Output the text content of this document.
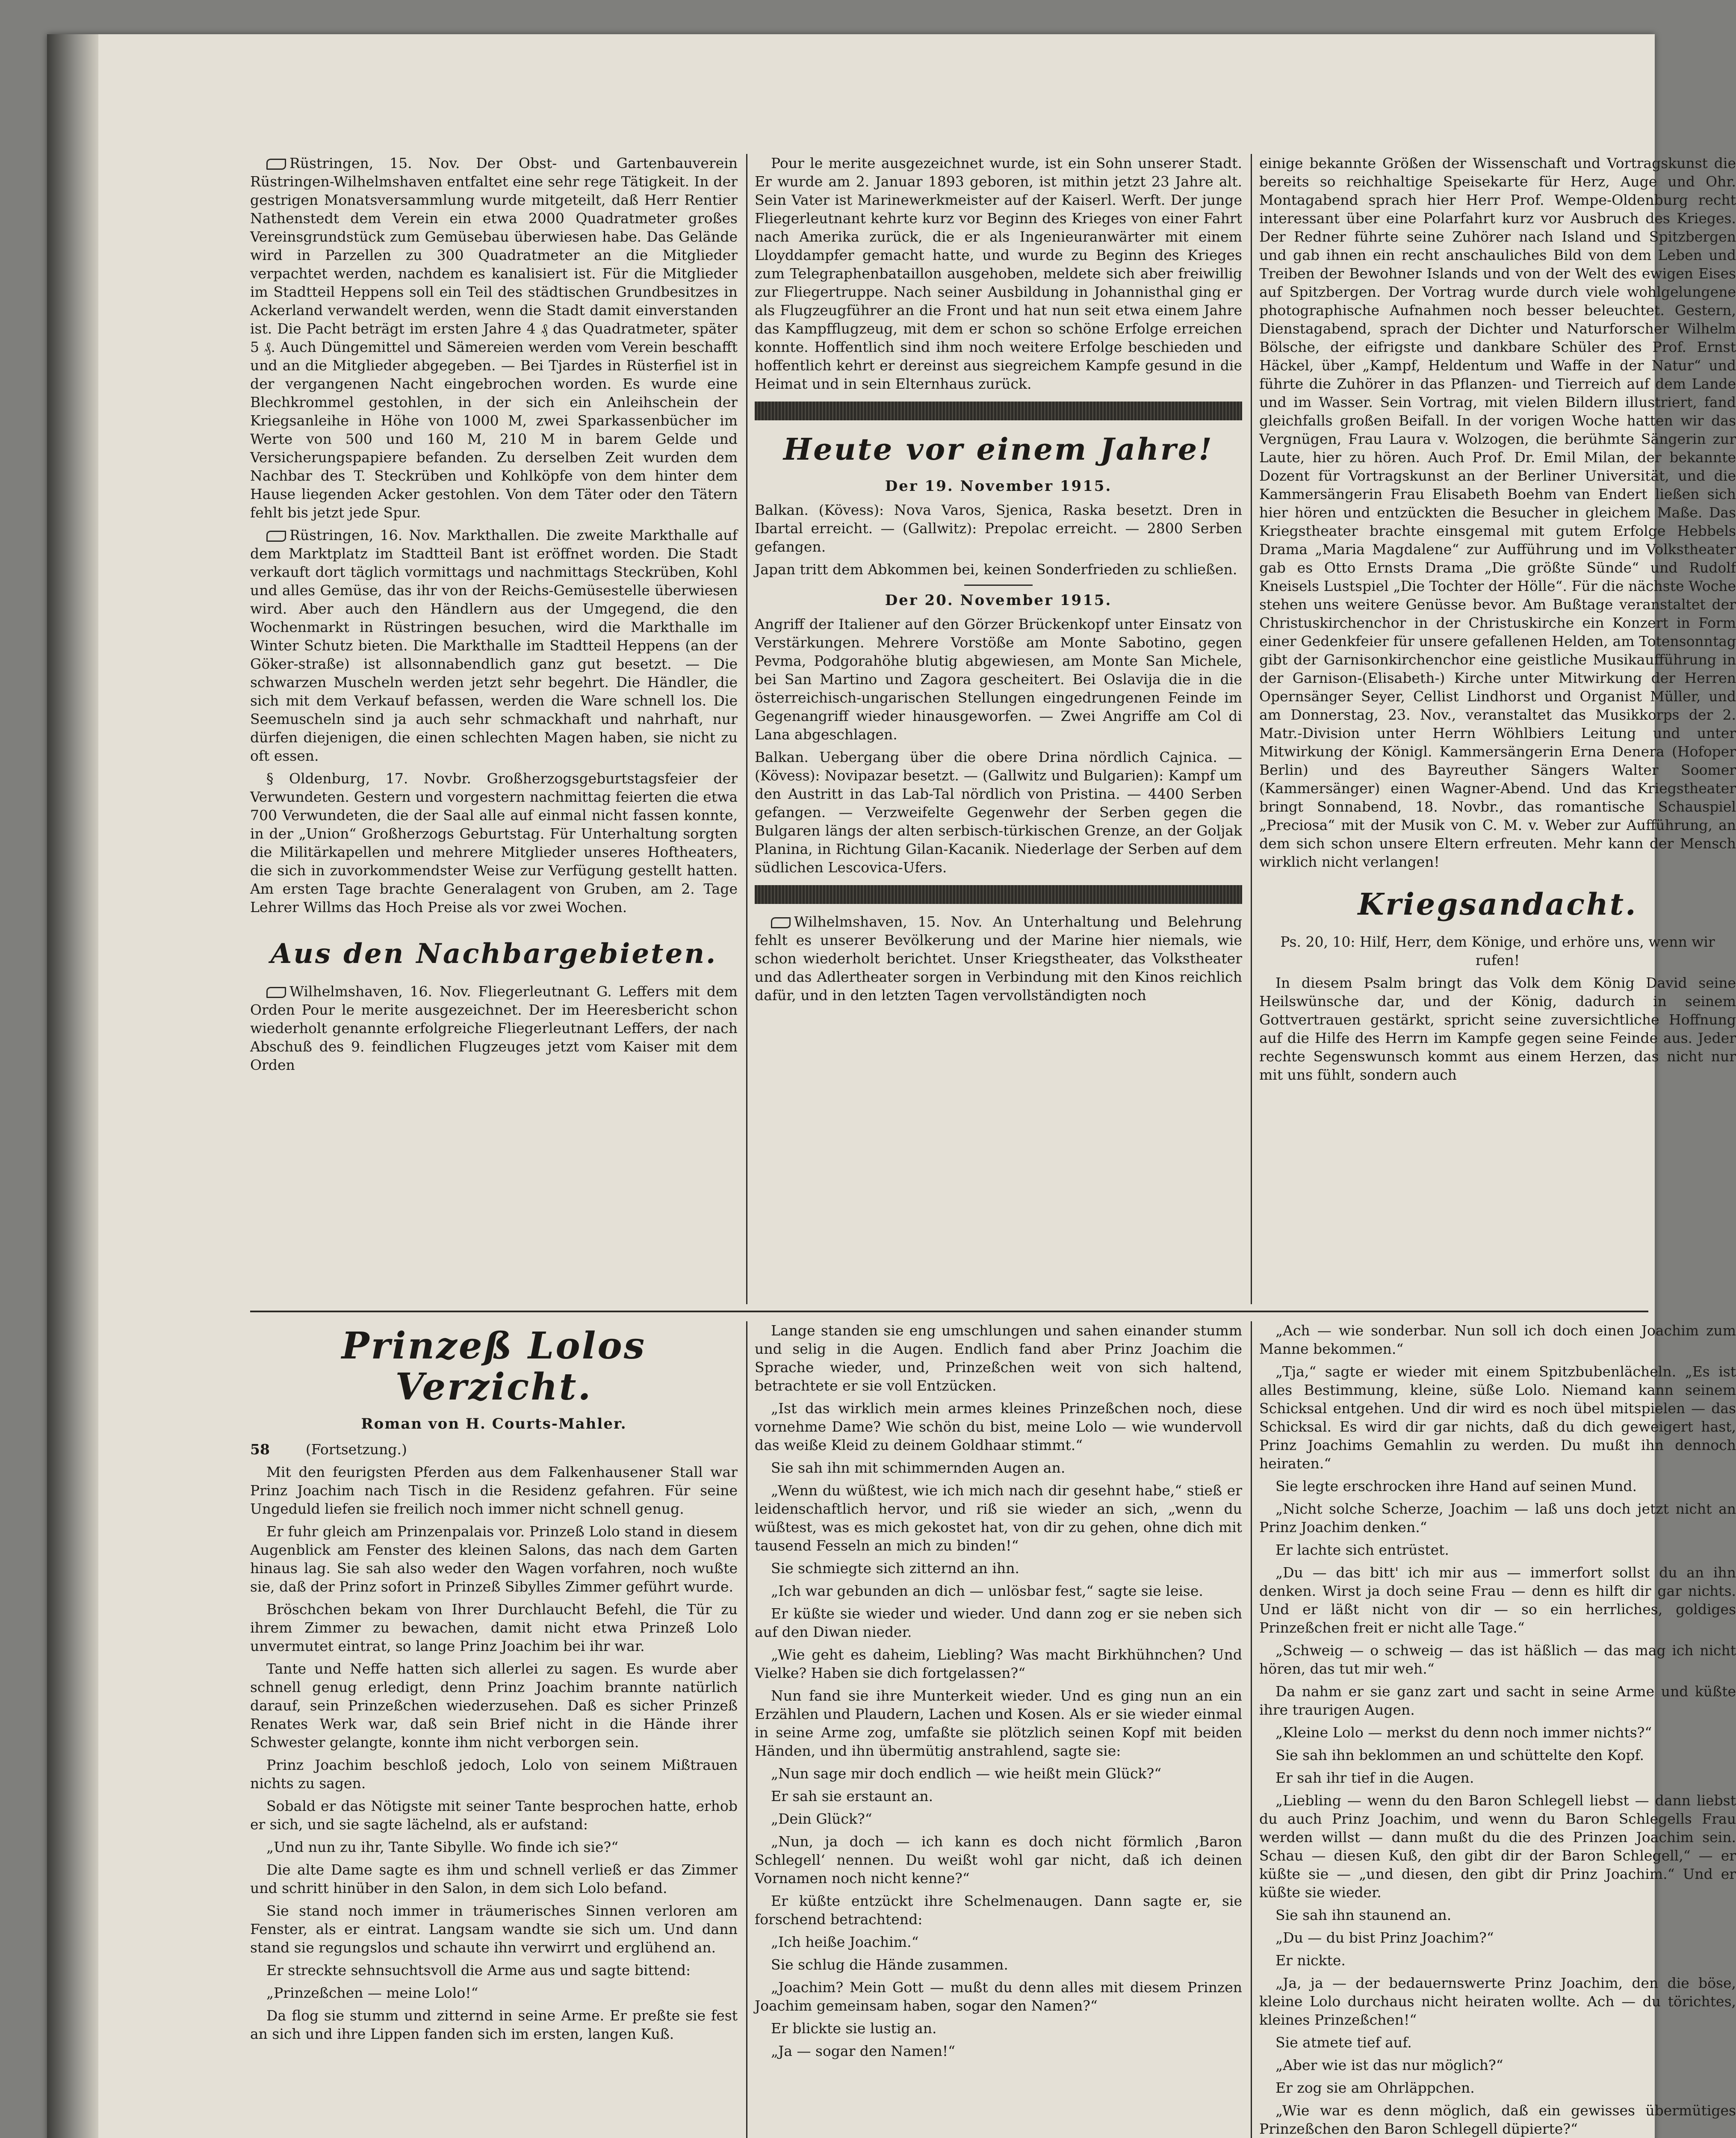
Rüstringen, 15. Nov. Der Obst- und Gartenbauverein Rüstringen-Wilhelmshaven entfaltet eine sehr rege Tätigkeit. In der gestrigen Monatsversammlung wurde mitgeteilt, daß Herr Rentier Nathenstedt dem Verein ein etwa 2000 Quadratmeter großes Vereinsgrundstück zum Gemüsebau überwiesen habe. Das Gelände wird in Parzellen zu 300 Quadratmeter an die Mitglieder verpachtet werden, nachdem es kanalisiert ist. Für die Mitglieder im Stadtteil Heppens soll ein Teil des städtischen Grundbesitzes in Ackerland verwandelt werden, wenn die Stadt damit einverstanden ist. Die Pacht beträgt im ersten Jahre 4 ₰ das Quadratmeter, später 5 ₰. Auch Düngemittel und Sämereien werden vom Verein beschafft und an die Mitglieder abgegeben. — Bei Tjardes in Rüsterfiel ist in der vergangenen Nacht eingebrochen worden. Es wurde eine Blechkrommel gestohlen, in der sich ein Anleihschein der Kriegsanleihe in Höhe von 1000 M, zwei Sparkassenbücher im Werte von 500 und 160 M, 210 M in barem Gelde und Versicherungspapiere befanden. Zu derselben Zeit wurden dem Nachbar des T. Steckrüben und Kohlköpfe von dem hinter dem Hause liegenden Acker gestohlen. Von dem Täter oder den Tätern fehlt bis jetzt jede Spur.

Rüstringen, 16. Nov. Markthallen. Die zweite Markthalle auf dem Marktplatz im Stadtteil Bant ist eröffnet worden. Die Stadt verkauft dort täglich vormittags und nachmittags Steckrüben, Kohl und alles Gemüse, das ihr von der Reichs-Gemüsestelle überwiesen wird. Aber auch den Händlern aus der Umgegend, die den Wochenmarkt in Rüstringen besuchen, wird die Markthalle im Winter Schutz bieten. Die Markthalle im Stadtteil Heppens (an der Göker-straße) ist allsonnabendlich ganz gut besetzt. — Die schwarzen Muscheln werden jetzt sehr begehrt. Die Händler, die sich mit dem Verkauf befassen, werden die Ware schnell los. Die Seemuscheln sind ja auch sehr schmackhaft und nahrhaft, nur dürfen diejenigen, die einen schlechten Magen haben, sie nicht zu oft essen.

§ Oldenburg, 17. Novbr. Großherzogsgeburtstagsfeier der Verwundeten. Gestern und vorgestern nachmittag feierten die etwa 700 Verwundeten, die der Saal alle auf einmal nicht fassen konnte, in der „Union“ Großherzogs Geburtstag. Für Unterhaltung sorgten die Militärkapellen und mehrere Mitglieder unseres Hoftheaters, die sich in zuvorkommendster Weise zur Verfügung gestellt hatten. Am ersten Tage brachte Generalagent von Gruben, am 2. Tage Lehrer Willms das Hoch Preise als vor zwei Wochen.

Aus den Nachbargebieten.

Wilhelmshaven, 16. Nov. Fliegerleutnant G. Leffers mit dem Orden Pour le merite ausgezeichnet. Der im Heeresbericht schon wiederholt genannte erfolgreiche Fliegerleutnant Leffers, der nach Abschuß des 9. feindlichen Flugzeuges jetzt vom Kaiser mit dem Orden

Pour le merite ausgezeichnet wurde, ist ein Sohn unserer Stadt. Er wurde am 2. Januar 1893 geboren, ist mithin jetzt 23 Jahre alt. Sein Vater ist Marinewerkmeister auf der Kaiserl. Werft. Der junge Fliegerleutnant kehrte kurz vor Beginn des Krieges von einer Fahrt nach Amerika zurück, die er als Ingenieuranwärter mit einem Lloyddampfer gemacht hatte, und wurde zu Beginn des Krieges zum Telegraphenbataillon ausgehoben, meldete sich aber freiwillig zur Fliegertruppe. Nach seiner Ausbildung in Johannisthal ging er als Flugzeugführer an die Front und hat nun seit etwa einem Jahre das Kampfflugzeug, mit dem er schon so schöne Erfolge erreichen konnte. Hoffentlich sind ihm noch weitere Erfolge beschieden und hoffentlich kehrt er dereinst aus siegreichem Kampfe gesund in die Heimat und in sein Elternhaus zurück.

Heute vor einem Jahre!
Der 19. November 1915.

Balkan. (Kövess): Nova Varos, Sjenica, Raska besetzt. Dren in Ibartal erreicht. — (Gallwitz): Prepolac erreicht. — 2800 Serben gefangen.

Japan tritt dem Abkommen bei, keinen Sonderfrieden zu schließen.

Der 20. November 1915.

Angriff der Italiener auf den Görzer Brückenkopf unter Einsatz von Verstärkungen. Mehrere Vorstöße am Monte Sabotino, gegen Pevma, Podgorahöhe blutig abgewiesen, am Monte San Michele, bei San Martino und Zagora gescheitert. Bei Oslavija die in die österreichisch-ungarischen Stellungen eingedrungenen Feinde im Gegenangriff wieder hinausgeworfen. — Zwei Angriffe am Col di Lana abgeschlagen.

Balkan. Uebergang über die obere Drina nördlich Cajnica. — (Kövess): Novipazar besetzt. — (Gallwitz und Bulgarien): Kampf um den Austritt in das Lab-Tal nördlich von Pristina. — 4400 Serben gefangen. — Verzweifelte Gegenwehr der Serben gegen die Bulgaren längs der alten serbisch-türkischen Grenze, an der Goljak Planina, in Richtung Gilan-Kacanik. Niederlage der Serben auf dem südlichen Lescovica-Ufers.

Wilhelmshaven, 15. Nov. An Unterhaltung und Belehrung fehlt es unserer Bevölkerung und der Marine hier niemals, wie schon wiederholt berichtet. Unser Kriegstheater, das Volkstheater und das Adlertheater sorgen in Verbindung mit den Kinos reichlich dafür, und in den letzten Tagen vervollständigten noch

einige bekannte Größen der Wissenschaft und Vortragskunst die bereits so reichhaltige Speisekarte für Herz, Auge und Ohr. Montagabend sprach hier Herr Prof. Wempe-Oldenburg recht interessant über eine Polarfahrt kurz vor Ausbruch des Krieges. Der Redner führte seine Zuhörer nach Island und Spitzbergen und gab ihnen ein recht anschauliches Bild von dem Leben und Treiben der Bewohner Islands und von der Welt des ewigen Eises auf Spitzbergen. Der Vortrag wurde durch viele wohlgelungene photographische Aufnahmen noch besser beleuchtet. Gestern, Dienstagabend, sprach der Dichter und Naturforscher Wilhelm Bölsche, der eifrigste und dankbare Schüler des Prof. Ernst Häckel, über „Kampf, Heldentum und Waffe in der Natur“ und führte die Zuhörer in das Pflanzen- und Tierreich auf dem Lande und im Wasser. Sein Vortrag, mit vielen Bildern illustriert, fand gleichfalls großen Beifall. In der vorigen Woche hatten wir das Vergnügen, Frau Laura v. Wolzogen, die berühmte Sängerin zur Laute, hier zu hören. Auch Prof. Dr. Emil Milan, der bekannte Dozent für Vortragskunst an der Berliner Universität, und die Kammersängerin Frau Elisabeth Boehm van Endert ließen sich hier hören und entzückten die Besucher in gleichem Maße. Das Kriegstheater brachte einsgemal mit gutem Erfolge Hebbels Drama „Maria Magdalene“ zur Aufführung und im Volkstheater gab es Otto Ernsts Drama „Die größte Sünde“ und Rudolf Kneisels Lustspiel „Die Tochter der Hölle“. Für die nächste Woche stehen uns weitere Genüsse bevor. Am Bußtage veranstaltet der Christuskirchenchor in der Christuskirche ein Konzert in Form einer Gedenkfeier für unsere gefallenen Helden, am Totensonntag gibt der Garnisonkirchenchor eine geistliche Musikaufführung in der Garnison-(Elisabeth-) Kirche unter Mitwirkung der Herren Opernsänger Seyer, Cellist Lindhorst und Organist Müller, und am Donnerstag, 23. Nov., veranstaltet das Musikkorps der 2. Matr.-Division unter Herrn Wöhlbiers Leitung und unter Mitwirkung der Königl. Kammersängerin Erna Denera (Hofoper Berlin) und des Bayreuther Sängers Walter Soomer (Kammersänger) einen Wagner-Abend. Und das Kriegstheater bringt Sonnabend, 18. Novbr., das romantische Schauspiel „Preciosa“ mit der Musik von C. M. v. Weber zur Aufführung, an dem sich schon unsere Eltern erfreuten. Mehr kann der Mensch wirklich nicht verlangen!

Kriegsandacht.

Ps. 20, 10: Hilf, Herr, dem Könige, und erhöre uns, wenn wir rufen!

In diesem Psalm bringt das Volk dem König David seine Heilswünsche dar, und der König, dadurch in seinem Gottvertrauen gestärkt, spricht seine zuversichtliche Hoffnung auf die Hilfe des Herrn im Kampfe gegen seine Feinde aus. Jeder rechte Segenswunsch kommt aus einem Herzen, das nicht nur mit uns fühlt, sondern auch

Prinzeß Lolos Verzicht.
Roman von H. Courts-Mahler.

58	(Fortsetzung.)

Mit den feurigsten Pferden aus dem Falkenhausener Stall war Prinz Joachim nach Tisch in die Residenz gefahren. Für seine Ungeduld liefen sie freilich noch immer nicht schnell genug.

Er fuhr gleich am Prinzenpalais vor. Prinzeß Lolo stand in diesem Augenblick am Fenster des kleinen Salons, das nach dem Garten hinaus lag. Sie sah also weder den Wagen vorfahren, noch wußte sie, daß der Prinz sofort in Prinzeß Sibylles Zimmer geführt wurde.

Bröschchen bekam von Ihrer Durchlaucht Befehl, die Tür zu ihrem Zimmer zu bewachen, damit nicht etwa Prinzeß Lolo unvermutet eintrat, so lange Prinz Joachim bei ihr war.

Tante und Neffe hatten sich allerlei zu sagen. Es wurde aber schnell genug erledigt, denn Prinz Joachim brannte natürlich darauf, sein Prinzeßchen wiederzusehen. Daß es sicher Prinzeß Renates Werk war, daß sein Brief nicht in die Hände ihrer Schwester gelangte, konnte ihm nicht verborgen sein.

Prinz Joachim beschloß jedoch, Lolo von seinem Mißtrauen nichts zu sagen.

Sobald er das Nötigste mit seiner Tante besprochen hatte, erhob er sich, und sie sagte lächelnd, als er aufstand:

„Und nun zu ihr, Tante Sibylle. Wo finde ich sie?“

Die alte Dame sagte es ihm und schnell verließ er das Zimmer und schritt hinüber in den Salon, in dem sich Lolo befand.

Sie stand noch immer in träumerisches Sinnen verloren am Fenster, als er eintrat. Langsam wandte sie sich um. Und dann stand sie regungslos und schaute ihn verwirrt und erglühend an.

Er streckte sehnsuchtsvoll die Arme aus und sagte bittend:

„Prinzeßchen — meine Lolo!“

Da flog sie stumm und zitternd in seine Arme. Er preßte sie fest an sich und ihre Lippen fanden sich im ersten, langen Kuß.

Lange standen sie eng umschlungen und sahen einander stumm und selig in die Augen. Endlich fand aber Prinz Joachim die Sprache wieder, und, Prinzeßchen weit von sich haltend, betrachtete er sie voll Entzücken.

„Ist das wirklich mein armes kleines Prinzeßchen noch, diese vornehme Dame? Wie schön du bist, meine Lolo — wie wundervoll das weiße Kleid zu deinem Goldhaar stimmt.“

Sie sah ihn mit schimmernden Augen an.

„Wenn du wüßtest, wie ich mich nach dir gesehnt habe,“ stieß er leidenschaftlich hervor, und riß sie wieder an sich, „wenn du wüßtest, was es mich gekostet hat, von dir zu gehen, ohne dich mit tausend Fesseln an mich zu binden!“

Sie schmiegte sich zitternd an ihn.

„Ich war gebunden an dich — unlösbar fest,“ sagte sie leise.

Er küßte sie wieder und wieder. Und dann zog er sie neben sich auf den Diwan nieder.

„Wie geht es daheim, Liebling? Was macht Birkhühnchen? Und Vielke? Haben sie dich fortgelassen?“

Nun fand sie ihre Munterkeit wieder. Und es ging nun an ein Erzählen und Plaudern, Lachen und Kosen. Als er sie wieder einmal in seine Arme zog, umfaßte sie plötzlich seinen Kopf mit beiden Händen, und ihn übermütig anstrahlend, sagte sie:

„Nun sage mir doch endlich — wie heißt mein Glück?“

Er sah sie erstaunt an.

„Dein Glück?“

„Nun, ja doch — ich kann es doch nicht förmlich ‚Baron Schlegell‘ nennen. Du weißt wohl gar nicht, daß ich deinen Vornamen noch nicht kenne?“

Er küßte entzückt ihre Schelmenaugen. Dann sagte er, sie forschend betrachtend:

„Ich heiße Joachim.“

Sie schlug die Hände zusammen.

„Joachim? Mein Gott — mußt du denn alles mit diesem Prinzen Joachim gemeinsam haben, sogar den Namen?“

Er blickte sie lustig an.

„Ja — sogar den Namen!“

„Ach — wie sonderbar. Nun soll ich doch einen Joachim zum Manne bekommen.“

„Tja,“ sagte er wieder mit einem Spitzbubenlächeln. „Es ist alles Bestimmung, kleine, süße Lolo. Niemand kann seinem Schicksal entgehen. Und dir wird es noch übel mitspielen — das Schicksal. Es wird dir gar nichts, daß du dich geweigert hast, Prinz Joachims Gemahlin zu werden. Du mußt ihn dennoch heiraten.“

Sie legte erschrocken ihre Hand auf seinen Mund.

„Nicht solche Scherze, Joachim — laß uns doch jetzt nicht an Prinz Joachim denken.“

Er lachte sich entrüstet.

„Du — das bitt' ich mir aus — immerfort sollst du an ihn denken. Wirst ja doch seine Frau — denn es hilft dir gar nichts. Und er läßt nicht von dir — so ein herrliches, goldiges Prinzeßchen freit er nicht alle Tage.“

„Schweig — o schweig — das ist häßlich — das mag ich nicht hören, das tut mir weh.“

Da nahm er sie ganz zart und sacht in seine Arme und küßte ihre traurigen Augen.

„Kleine Lolo — merkst du denn noch immer nichts?“

Sie sah ihn beklommen an und schüttelte den Kopf.

Er sah ihr tief in die Augen.

„Liebling — wenn du den Baron Schlegell liebst — dann liebst du auch Prinz Joachim, und wenn du Baron Schlegells Frau werden willst — dann mußt du die des Prinzen Joachim sein. Schau — diesen Kuß, den gibt dir der Baron Schlegell,“ — er küßte sie — „und diesen, den gibt dir Prinz Joachim.“ Und er küßte sie wieder.

Sie sah ihn staunend an.

„Du — du bist Prinz Joachim?“

Er nickte.

„Ja, ja — der bedauernswerte Prinz Joachim, den die böse, kleine Lolo durchaus nicht heiraten wollte. Ach — du törichtes, kleines Prinzeßchen!“

Sie atmete tief auf.

„Aber wie ist das nur möglich?“

Er zog sie am Ohrläppchen.

„Wie war es denn möglich, daß ein gewisses übermütiges Prinzeßchen den Baron Schlegell düpierte?“
